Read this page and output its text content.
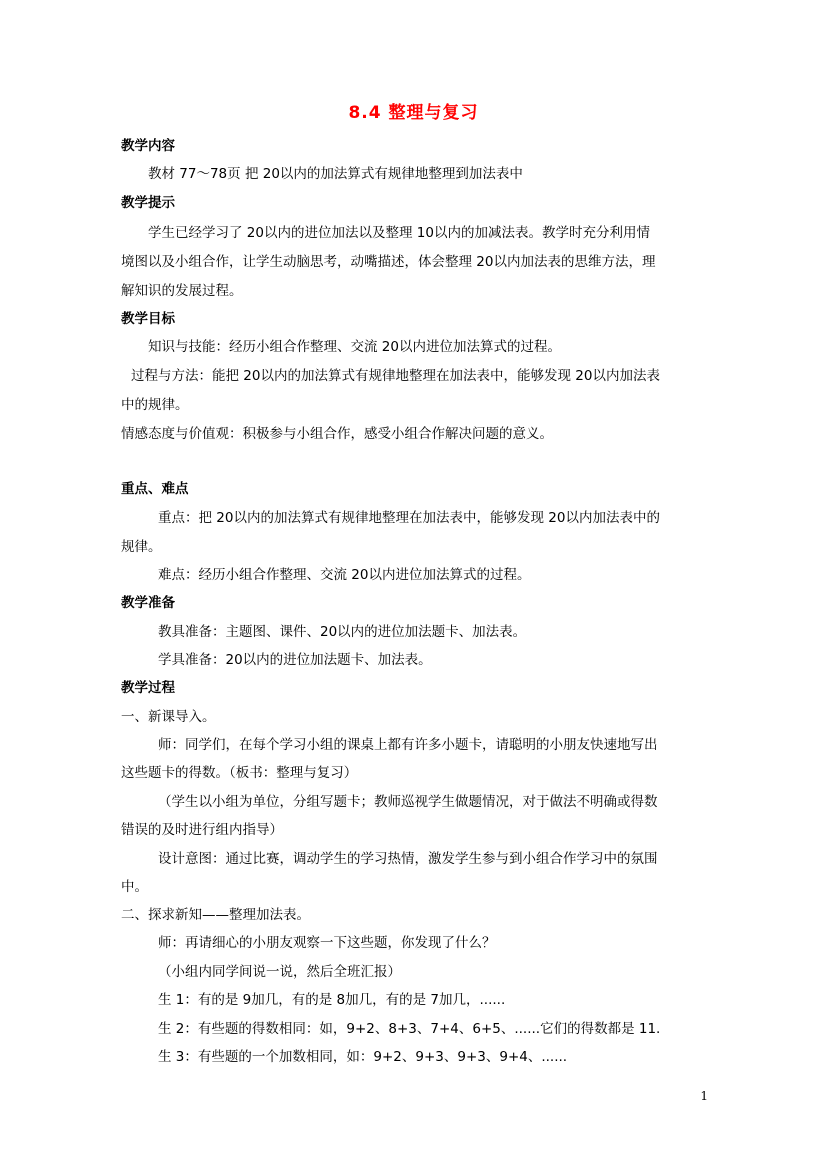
8.4 整理与复习
教学内容
教材 77～78页 把 20以内的加法算式有规律地整理到加法表中
教学提示
学生已经学习了 20以内的进位加法以及整理 10以内的加减法表。教学时充分利用情
境图以及小组合作，让学生动脑思考，动嘴描述，体会整理 20以内加法表的思维方法，理
解知识的发展过程。
教学目标
知识与技能：经历小组合作整理、交流 20以内进位加法算式的过程。
过程与方法：能把 20以内的加法算式有规律地整理在加法表中，能够发现 20以内加法表
中的规律。
情感态度与价值观：积极参与小组合作，感受小组合作解决问题的意义。
重点、难点
重点：把 20以内的加法算式有规律地整理在加法表中，能够发现 20以内加法表中的
规律。
难点：经历小组合作整理、交流 20以内进位加法算式的过程。
教学准备
教具准备：主题图、课件、20以内的进位加法题卡、加法表。
学具准备：20以内的进位加法题卡、加法表。
教学过程
一、新课导入。
师：同学们，在每个学习小组的课桌上都有许多小题卡，请聪明的小朋友快速地写出
这些题卡的得数。（板书：整理与复习）
（学生以小组为单位，分组写题卡；教师巡视学生做题情况，对于做法不明确或得数
错误的及时进行组内指导）
设计意图：通过比赛，调动学生的学习热情，激发学生参与到小组合作学习中的氛围
中。
二、探求新知——整理加法表。
师：再请细心的小朋友观察一下这些题，你发现了什么？
（小组内同学间说一说，然后全班汇报）
生 1：有的是 9加几，有的是 8加几，有的是 7加几，......
生 2：有些题的得数相同：如，9+2、8+3、7+4、6+5、......它们的得数都是 11.
生 3：有些题的一个加数相同，如：9+2、9+3、9+3、9+4、......
1
